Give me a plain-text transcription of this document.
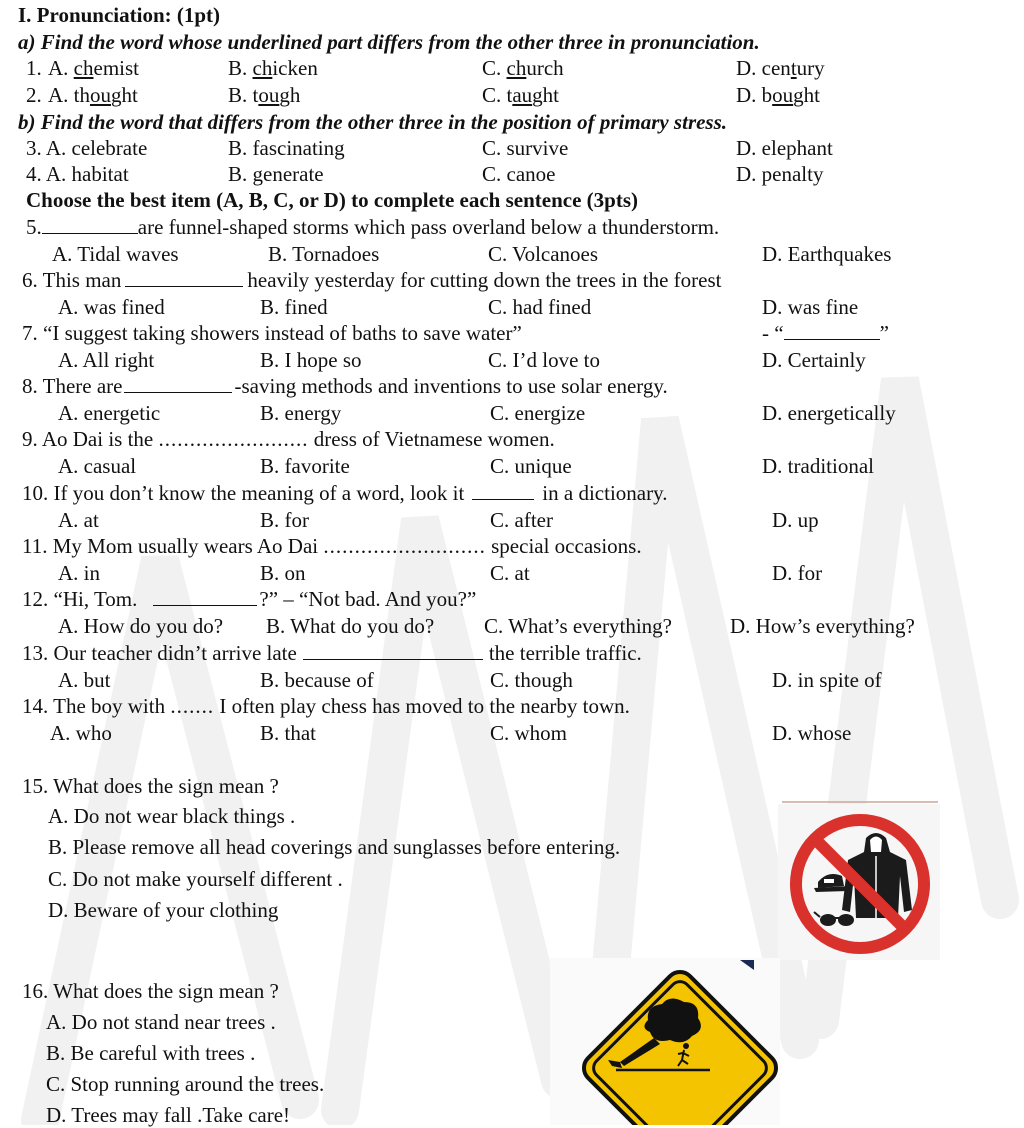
I. Pronunciation: (1pt)
a) Find the word whose underlined part differs from the other three in pronunciation.
1. A. chemist	B. chicken	C. church	D. century
2. A. thought	B. tough	C. taught	D. bought
b) Find the word that differs from the other three in the position of primary stress.
3. A. celebrate	B. fascinating	C. survive	D. elephant
4. A. habitat	B. generate	C. canoe	D. penalty
Choose the best item (A, B, C, or D) to complete each sentence (3pts)
5.	are funnel-shaped storms which pass overland below a thunderstorm.
A. Tidal waves	B. Tornadoes	C. Volcanoes	D. Earthquakes
6. This man	heavily yesterday for cutting down the trees in the forest
A. was fined	B. fined	C. had fined	D. was fine
7. “I suggest taking showers instead of baths to save water”	- “	”
A. All right	B. I hope so	C. I’d love to	D. Certainly
8. There are	-saving methods and inventions to use solar energy.
A. energetic	B. energy	C. energize	D. energetically
9. Ao Dai is the ........................ dress of Vietnamese women.
A. casual	B. favorite	C. unique	D. traditional
10. If you don’t know the meaning of a word, look it	in a dictionary.
A. at	B. for	C. after	D. up
11. My Mom usually wears Ao Dai .......................... special occasions.
A. in	B. on	C. at	D. for
12. “Hi, Tom.	?” – “Not bad. And you?”
A. How do you do? B. What do you do? C. What’s everything?	D. How’s everything?
13. Our teacher didn’t arrive late	the terrible traffic.
A. but	B. because of	C. though	D. in spite of
14. The boy with ....... I often play chess has moved to the nearby town.
A. who	B. that	C. whom	D. whose
15. What does the sign mean ?
A. Do not wear black things .
B. Please remove all head coverings and sunglasses before entering.
C. Do not make yourself different .
D. Beware of your clothing
16. What does the sign mean ?
A. Do not stand near trees .
B. Be careful with trees .
C. Stop running around the trees.
D. Trees may fall .Take care!
